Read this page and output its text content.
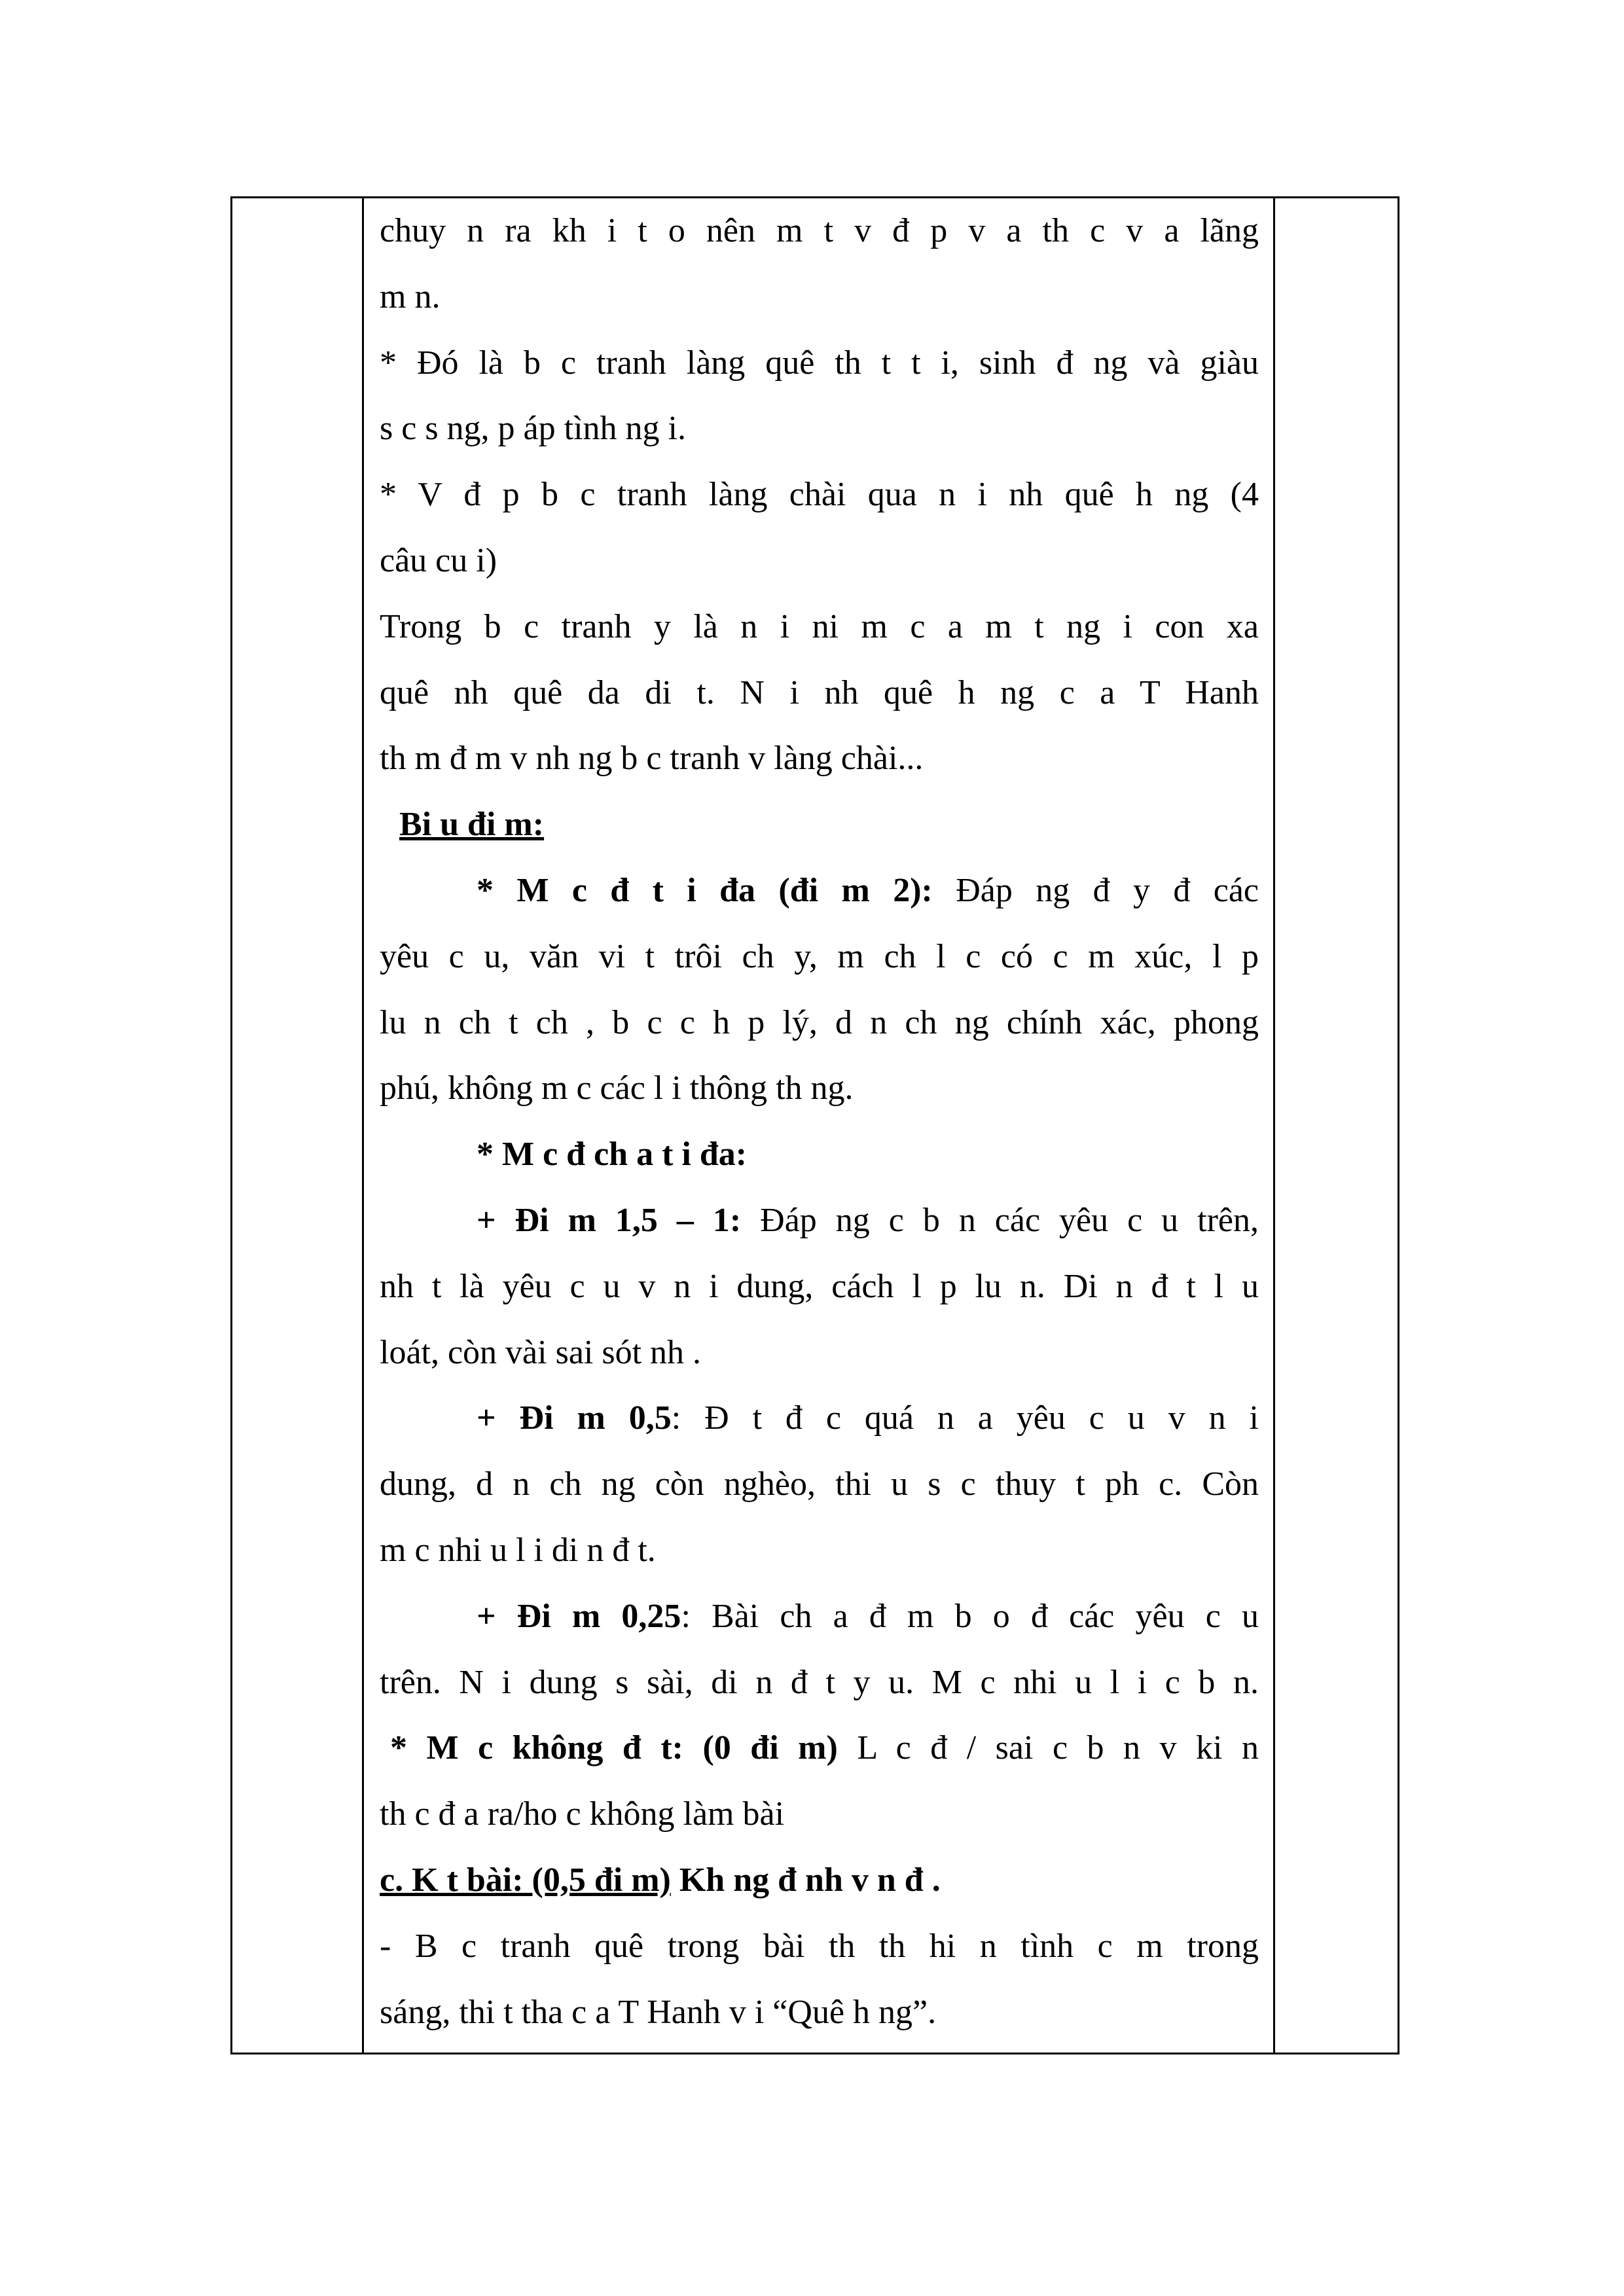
chuy n ra kh i t o nên m t v đ p v a th c v a lãng
m n.
* Đó là b c tranh làng quê th t t i, sinh đ ng và giàu
s c s ng, p áp tình ng i.
* V đ p b c tranh làng chài qua n i nh quê h ng (4
câu cu i)
Trong b c tranh y là n i ni m c a m t ng i con xa
quê nh quê da di t. N i nh quê h ng c a T Hanh
th m đ m v nh ng b c tranh v làng chài...
Bi u đi m:
* M c đ t i đa (đi m 2): Đáp ng đ y đ các
yêu c u, văn vi t trôi ch y, m ch l c có c m xúc, l p
lu n ch t ch , b c c h p lý, d n ch ng chính xác, phong
phú, không m c các l i thông th ng.
* M c đ ch a t i đa:
+ Đi m 1,5 – 1: Đáp ng c b n các yêu c u trên,
nh t là yêu c u v n i dung, cách l p lu n. Di n đ t l u
loát, còn vài sai sót nh .
+ Đi m 0,5: Đ t đ c quá n a yêu c u v n i
dung, d n ch ng còn nghèo, thi u s c thuy t ph c. Còn
m c nhi u l i di n đ t.
+ Đi m 0,25: Bài ch a đ m b o đ các yêu c u
trên. N i dung s sài, di n đ t y u. M c nhi u l i c b n.
* M c không đ t: (0 đi m) L c đ / sai c b n v ki n
th c đ a ra/ho c không làm bài
c. K t bài: (0,5 đi m) Kh ng đ nh v n đ .
- B c tranh quê trong bài th th hi n tình c m trong
sáng, thi t tha c a T Hanh v i “Quê h ng”.
